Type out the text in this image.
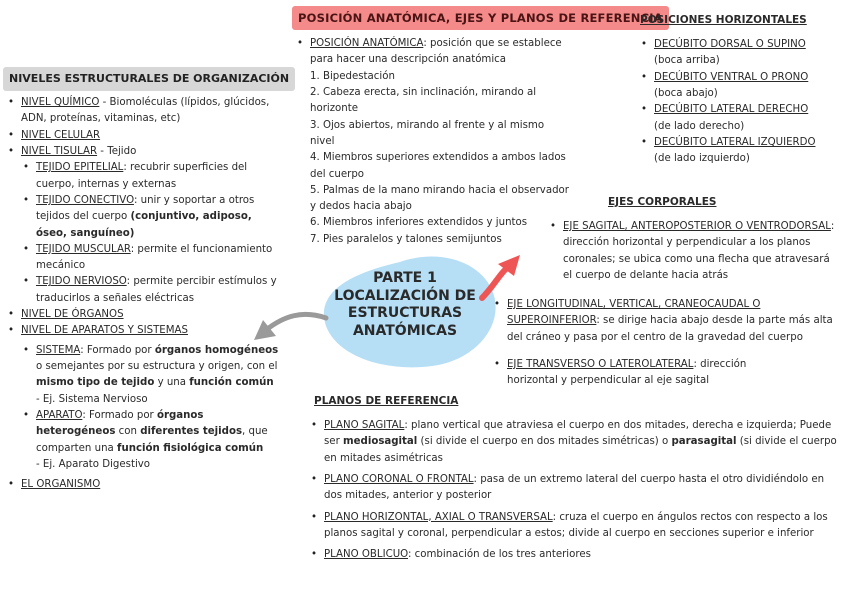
POSICIÓN ANATÓMICA, EJES Y PLANOS DE REFERENCIA
NIVELES ESTRUCTURALES DE ORGANIZACIÓN
• NIVEL QUÍMICO - Biomoléculas (lípidos, glúcidos, ADN, proteínas, vitaminas, etc)
• NIVEL CELULAR
• NIVEL TISULAR - Tejido
• TEJIDO EPITELIAL: recubrir superficies del cuerpo, internas y externas
• TEJIDO CONECTIVO: unir y soportar a otros tejidos del cuerpo (conjuntivo, adiposo, óseo, sanguíneo)
• TEJIDO MUSCULAR: permite el funcionamiento mecánico
• TEJIDO NERVIOSO: permite percibir estímulos y traducirlos a señales eléctricas
• NIVEL DE ÓRGANOS
• NIVEL DE APARATOS Y SISTEMAS
• SISTEMA: Formado por órganos homogéneos o semejantes por su estructura y origen, con el mismo tipo de tejido y una función común
- Ej. Sistema Nervioso
• APARATO: Formado por órganos heterogéneos con diferentes tejidos, que comparten una función fisiológica común
- Ej. Aparato Digestivo
• EL ORGANISMO
• POSICIÓN ANATÓMICA: posición que se establece para hacer una descripción anatómica
1. Bipedestación
2. Cabeza erecta, sin inclinación, mirando al horizonte
3. Ojos abiertos, mirando al frente y al mismo nivel
4. Miembros superiores extendidos a ambos lados del cuerpo
5. Palmas de la mano mirando hacia el observador y dedos hacia abajo
6. Miembros inferiores extendidos y juntos
7. Pies paralelos y talones semijuntos
POSICIONES HORIZONTALES
• DECÚBITO DORSAL O SUPINO
(boca arriba)
• DECÚBITO VENTRAL O PRONO
(boca abajo)
• DECÚBITO LATERAL DERECHO
(de lado derecho)
• DECÚBITO LATERAL IZQUIERDO
(de lado izquierdo)
EJES CORPORALES
• EJE SAGITAL, ANTEROPOSTERIOR O VENTRODORSAL: dirección horizontal y perpendicular a los planos coronales; se ubica como una flecha que atravesará el cuerpo de delante hacia atrás
• EJE LONGITUDINAL, VERTICAL, CRANEOCAUDAL O SUPEROINFERIOR: se dirige hacia abajo desde la parte más alta del cráneo y pasa por el centro de la gravedad del cuerpo
• EJE TRANSVERSO O LATEROLATERAL: dirección horizontal y perpendicular al eje sagital
PARTE 1
LOCALIZACIÓN DE
ESTRUCTURAS
ANATÓMICAS
PLANOS DE REFERENCIA
• PLANO SAGITAL: plano vertical que atraviesa el cuerpo en dos mitades, derecha e izquierda; Puede ser mediosagital (si divide el cuerpo en dos mitades simétricas) o parasagital (si divide el cuerpo en mitades asimétricas
• PLANO CORONAL O FRONTAL: pasa de un extremo lateral del cuerpo hasta el otro dividiéndolo en dos mitades, anterior y posterior
• PLANO HORIZONTAL, AXIAL O TRANSVERSAL: cruza el cuerpo en ángulos rectos con respecto a los planos sagital y coronal, perpendicular a estos; divide al cuerpo en secciones superior e inferior
• PLANO OBLICUO: combinación de los tres anteriores
